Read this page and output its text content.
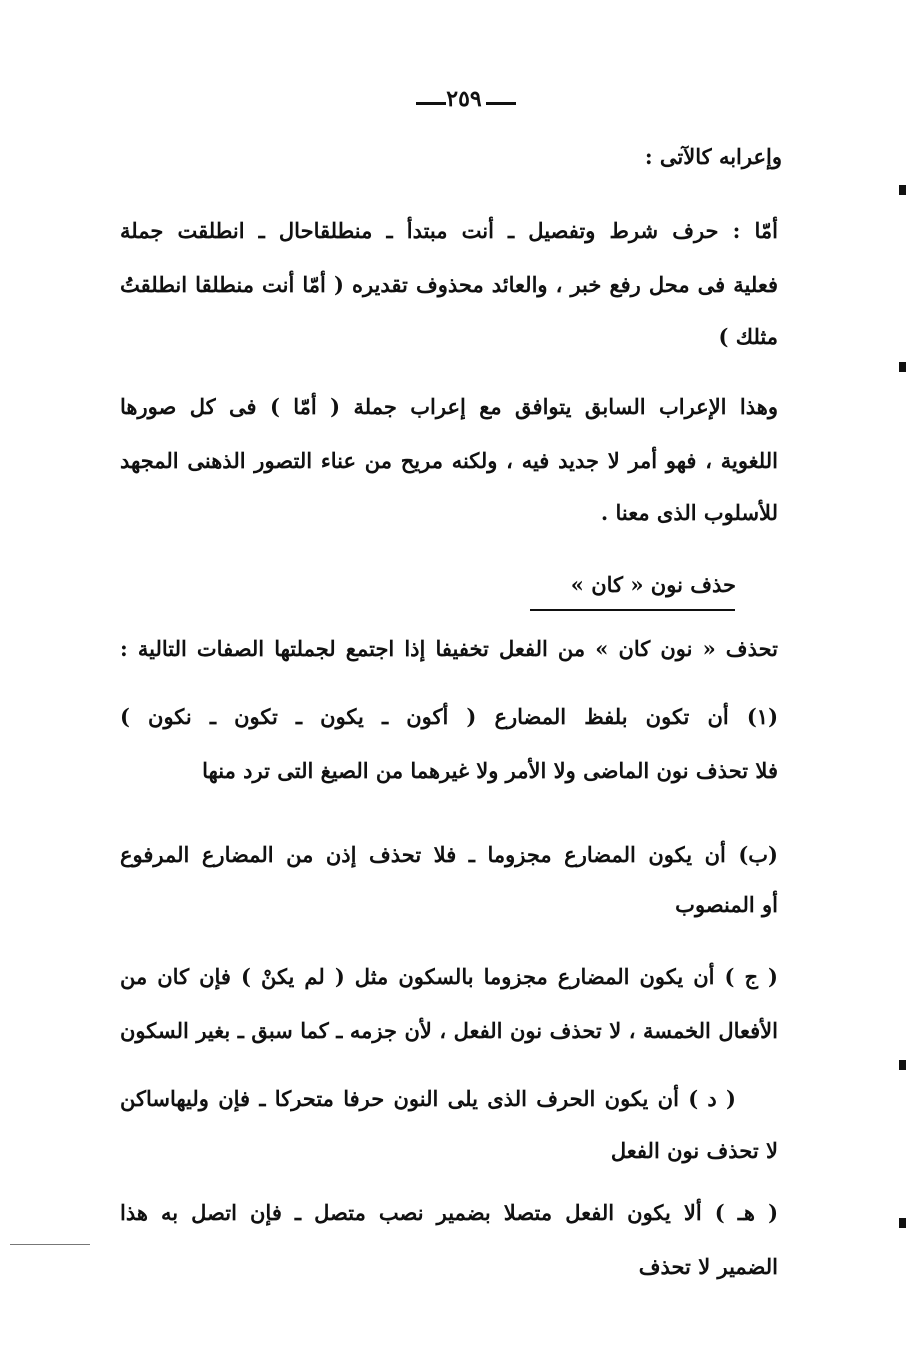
٢٥٩
وإعرابه كالآتى :
أمّا : حرف شرط وتفصيل ـ أنت مبتدأ ـ منطلقاحال ـ انطلقت جملة
فعلية فى محل رفع خبر ، والعائد محذوف تقديره ( أمّا أنت منطلقا انطلقتُ
مثلك )
وهذا الإعراب السابق يتوافق مع إعراب جملة ( أمّا ) فى كل صورها
اللغوية ، فهو أمر لا جديد فيه ، ولكنه مريح من عناء التصور الذهنى المجهد
للأسلوب الذى معنا .
حذف نون « كان »
تحذف « نون كان » من الفعل تخفيفا إذا اجتمع لجملتها الصفات التالية :
(١) أن تكون بلفظ المضارع ( أكون ـ يكون ـ تكون ـ نكون )
فلا تحذف نون الماضى ولا الأمر ولا غيرهما من الصيغ التى ترد منها
(ب) أن يكون المضارع مجزوما ـ فلا تحذف إذن من المضارع المرفوع
أو المنصوب
( ج ) أن يكون المضارع مجزوما بالسكون مثل ( لم يكنْ ) فإن كان من
الأفعال الخمسة ، لا تحذف نون الفعل ، لأن جزمه ـ كما سبق ـ بغير السكون
( د ) أن يكون الحرف الذى يلى النون حرفا متحركا ـ فإن وليهاساكن
لا تحذف نون الفعل
( هـ ) ألا يكون الفعل متصلا بضمير نصب متصل ـ فإن اتصل به هذا
الضمير لا تحذف
